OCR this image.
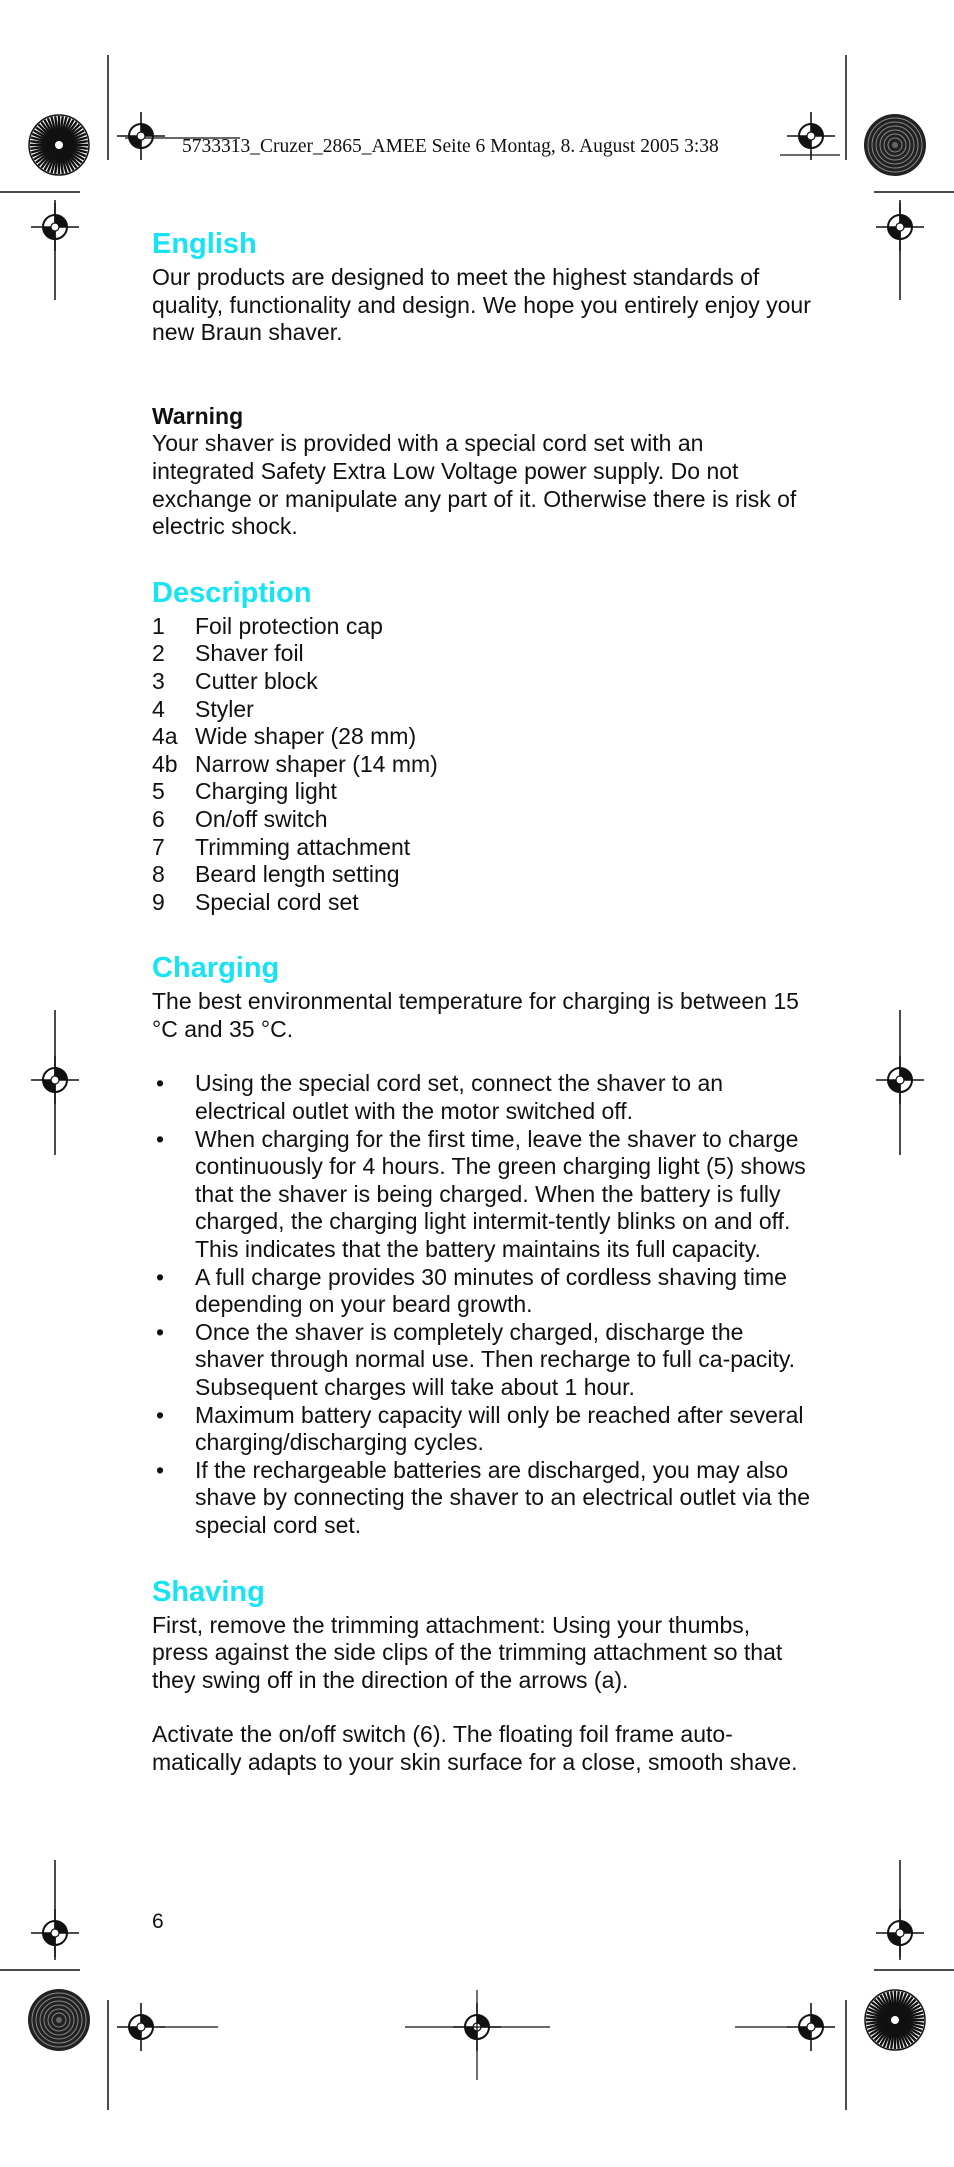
5733313_Cruzer_2865_AMEE Seite 6 Montag, 8. August 2005 3:38
English

Our products are designed to meet the highest standards of quality, functionality and design. We hope you entirely enjoy your new Braun shaver.

Warning

Your shaver is provided with a special cord set with an integrated Safety Extra Low Voltage power supply. Do not exchange or manipulate any part of it. Otherwise there is risk of electric shock.

Description
1	Foil protection cap
2	Shaver foil
3	Cutter block
4	Styler
4a Wide shaper (28 mm)
4b Narrow shaper (14 mm)
5	Charging light
6	On/off switch
7	Trimming attachment
8	Beard length setting
9	Special cord set
Charging

The best environmental temperature for charging is between 15 °C and 35 °C.

•	Using the special cord set, connect the shaver to an electrical outlet with the motor switched off.
•	When charging for the first time, leave the shaver to charge continuously for 4 hours. The green charging light (5) shows that the shaver is being charged. When the battery is fully charged, the charging light intermit-tently blinks on and off. This indicates that the battery maintains its full capacity.
•	A full charge provides 30 minutes of cordless shaving time depending on your beard growth.
•	Once the shaver is completely charged, discharge the shaver through normal use. Then recharge to full ca-pacity. Subsequent charges will take about 1 hour.
•	Maximum battery capacity will only be reached after several charging/discharging cycles.
•	If the rechargeable batteries are discharged, you may also shave by connecting the shaver to an electrical outlet via the special cord set.
Shaving

First, remove the trimming attachment: Using your thumbs, press against the side clips of the trimming attachment so that they swing off in the direction of the arrows (a).

Activate the on/off switch (6). The floating foil frame auto-matically adapts to your skin surface for a close, smooth shave.

6
